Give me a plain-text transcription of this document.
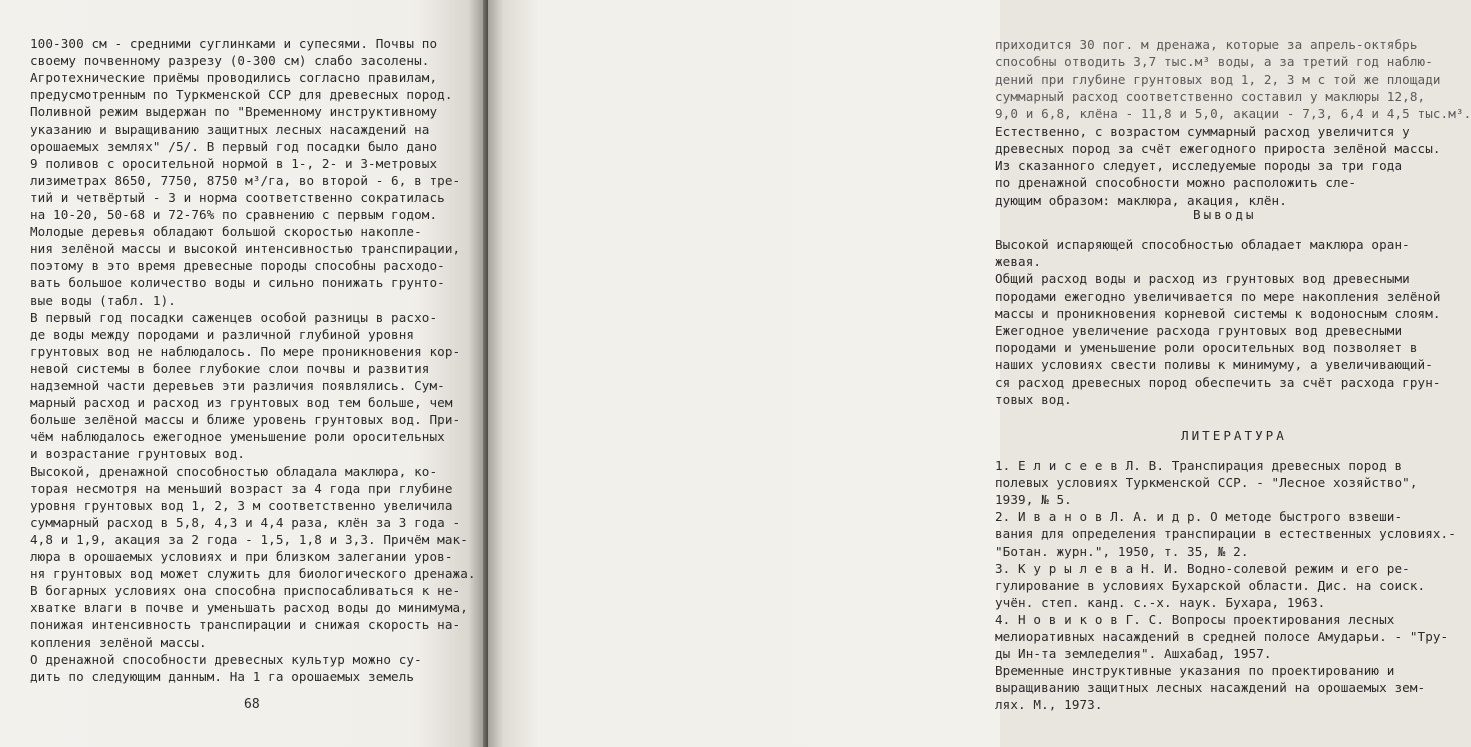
100-300 см - средними суглинками и супесями. Почвы по
своему почвенному разрезу (0-300 см) слабо засолены.
Агротехнические приёмы проводились согласно правилам,
предусмотренным по Туркменской ССР для древесных пород.
Поливной режим выдержан по "Временному инструктивному
указанию и выращиванию защитных лесных насаждений на
орошаемых землях" /5/. В первый год посадки было дано
9 поливов с оросительной нормой в 1-, 2- и 3-метровых
лизиметрах 8650, 7750, 8750 м³/га, во второй - 6, в тре-
тий и четвёртый - 3 и норма соответственно сократилась
на 10-20, 50-68 и 72-76% по сравнению с первым годом.
Молодые деревья обладают большой скоростью накопле-
ния зелёной массы и высокой интенсивностью транспирации,
поэтому в это время древесные породы способны расходо-
вать большое количество воды и сильно понижать грунто-
вые воды (табл. 1).
В первый год посадки саженцев особой разницы в расхо-
де воды между породами и различной глубиной уровня
грунтовых вод не наблюдалось. По мере проникновения кор-
невой системы в более глубокие слои почвы и развития
надземной части деревьев эти различия появлялись. Сум-
марный расход и расход из грунтовых вод тем больше, чем
больше зелёной массы и ближе уровень грунтовых вод. При-
чём наблюдалось ежегодное уменьшение роли оросительных
и возрастание грунтовых вод.
Высокой, дренажной способностью обладала маклюра, ко-
торая несмотря на меньший возраст за 4 года при глубине
уровня грунтовых вод 1, 2, 3 м соответственно увеличила
суммарный расход в 5,8, 4,3 и 4,4 раза, клён за 3 года -
4,8 и 1,9, акация за 2 года - 1,5, 1,8 и 3,3. Причём мак-
люра в орошаемых условиях и при близком залегании уров-
ня грунтовых вод может служить для биологического дренажа.
В богарных условиях она способна приспосабливаться к не-
хватке влаги в почве и уменьшать расход воды до минимума,
понижая интенсивность транспирации и снижая скорость на-
копления зелёной массы.
О дренажной способности древесных культур можно су-
дить по следующим данным. На 1 га орошаемых земель
68
приходится 30 пог. м дренажа, которые за апрель-октябрь
способны отводить 3,7 тыс.м³ воды, а за третий год наблю-
дений при глубине грунтовых вод 1, 2, 3 м с той же площади
суммарный расход соответственно составил у маклюры 12,8,
9,0 и 6,8, клёна - 11,8 и 5,0, акации - 7,3, 6,4 и 4,5 тыс.м³.
Естественно, с возрастом суммарный расход увеличится у
древесных пород за счёт ежегодного прироста зелёной массы.
Из сказанного следует, исследуемые породы за три года
по дренажной способности можно расположить сле-
дующим образом: маклюра, акация, клён.
Выводы
Высокой испаряющей способностью обладает маклюра оран-
жевая.
Общий расход воды и расход из грунтовых вод древесными
породами ежегодно увеличивается по мере накопления зелёной
массы и проникновения корневой системы к водоносным слоям.
Ежегодное увеличение расхода грунтовых вод древесными
породами и уменьшение роли оросительных вод позволяет в
наших условиях свести поливы к минимуму, а увеличивающий-
ся расход древесных пород обеспечить за счёт расхода грун-
товых вод.
ЛИТЕРАТУРА
1. Е л и с е е в Л. В. Транспирация древесных пород в
полевых условиях Туркменской ССР. - "Лесное хозяйство",
1939, № 5.
2. И в а н о в Л. А. и д р. О методе быстрого взвеши-
вания для определения транспирации в естественных условиях.-
"Ботан. журн.", 1950, т. 35, № 2.
3. К у р ы л е в а Н. И. Водно-солевой режим и его ре-
гулирование в условиях Бухарской области. Дис. на соиск.
учён. степ. канд. с.-х. наук. Бухара, 1963.
4. Н о в и к о в Г. С. Вопросы проектирования лесных
мелиоративных насаждений в средней полосе Амударьи. - "Тру-
ды Ин-та земледелия". Ашхабад, 1957.
Временные инструктивные указания по проектированию и
выращиванию защитных лесных насаждений на орошаемых зем-
лях. М., 1973.
